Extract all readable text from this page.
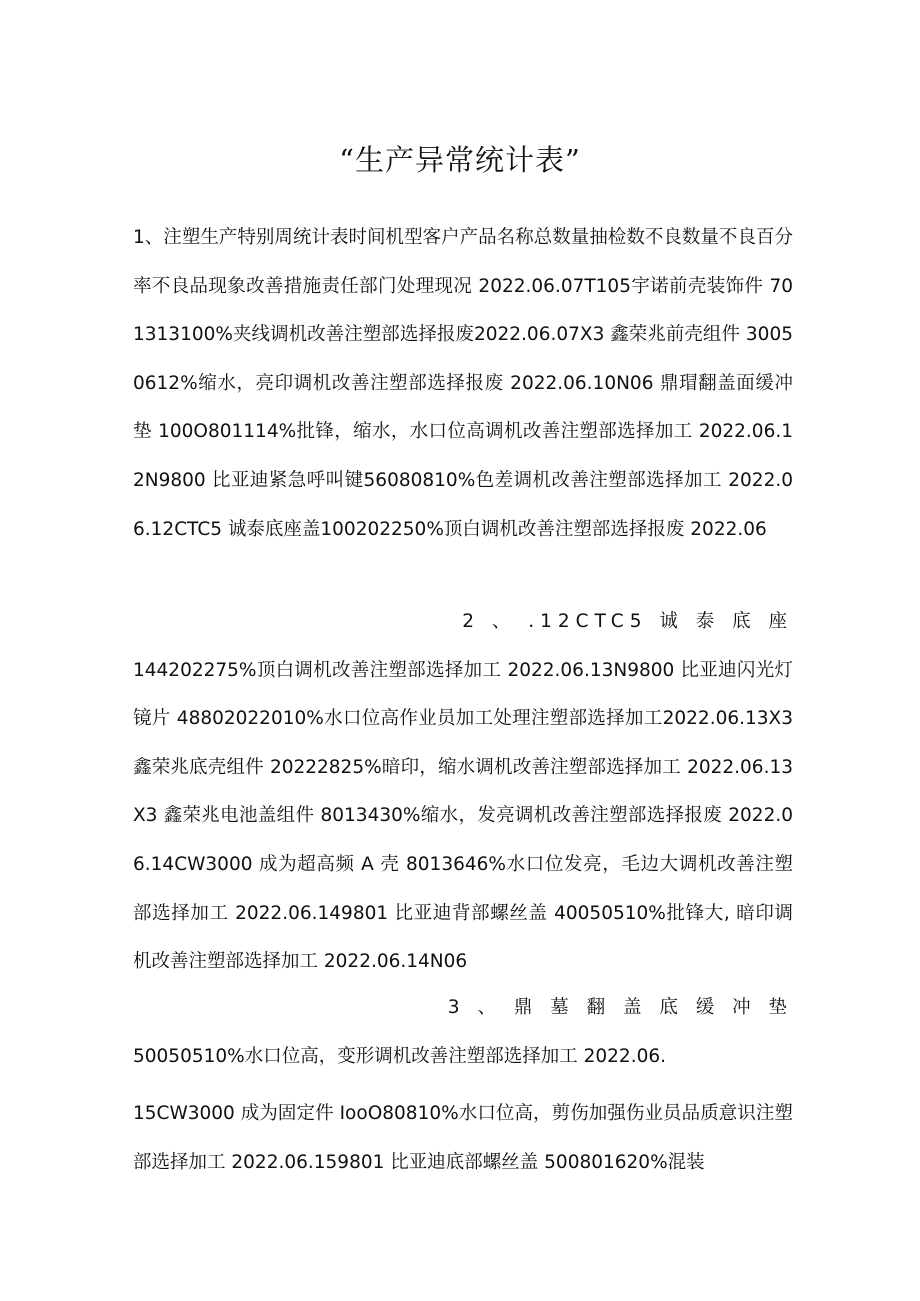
“生产异常统计表”
1、注塑生产特别周统计表时间机型客户产品名称总数量抽检数不良数量不良百分率不良品现象改善措施责任部门处理现况 2022.06.07T105宇诺前壳装饰件 701313100%夹线调机改善注塑部选择报废2022.06.07X3 鑫荣兆前壳组件 30050612%缩水，亮印调机改善注塑部选择报废 2022.06.10N06 鼎瑁翻盖面缓冲垫 100O801114%批锋，缩水，水口位高调机改善注塑部选择加工 2022.06.12N9800 比亚迪紧急呼叫键56080810%色差调机改善注塑部选择加工 2022.06.12CTC5 诚泰底座盖100202250%顶白调机改善注塑部选择报废 2022.06
2 、 .12CTC5 诚 泰 底 座
144202275%顶白调机改善注塑部选择加工 2022.06.13N9800 比亚迪闪光灯镜片 48802022010%水口位高作业员加工处理注塑部选择加工2022.06.13X3 鑫荣兆底壳组件 20222825%暗印，缩水调机改善注塑部选择加工 2022.06.13X3 鑫荣兆电池盖组件 8013430%缩水，发亮调机改善注塑部选择报废 2022.06.14CW3000 成为超高频 A 壳 8013646%水口位发亮，毛边大调机改善注塑部选择加工 2022.06.149801 比亚迪背部螺丝盖 40050510%批锋大, 暗印调机改善注塑部选择加工 2022.06.14N06
3 、 鼎 墓 翻 盖 底 缓 冲 垫
50050510%水口位高，变形调机改善注塑部选择加工 2022.06.
15CW3000 成为固定件 IooO80810%水口位高，剪伤加强伤业员品质意识注塑部选择加工 2022.06.159801 比亚迪底部螺丝盖 500801620%混装
